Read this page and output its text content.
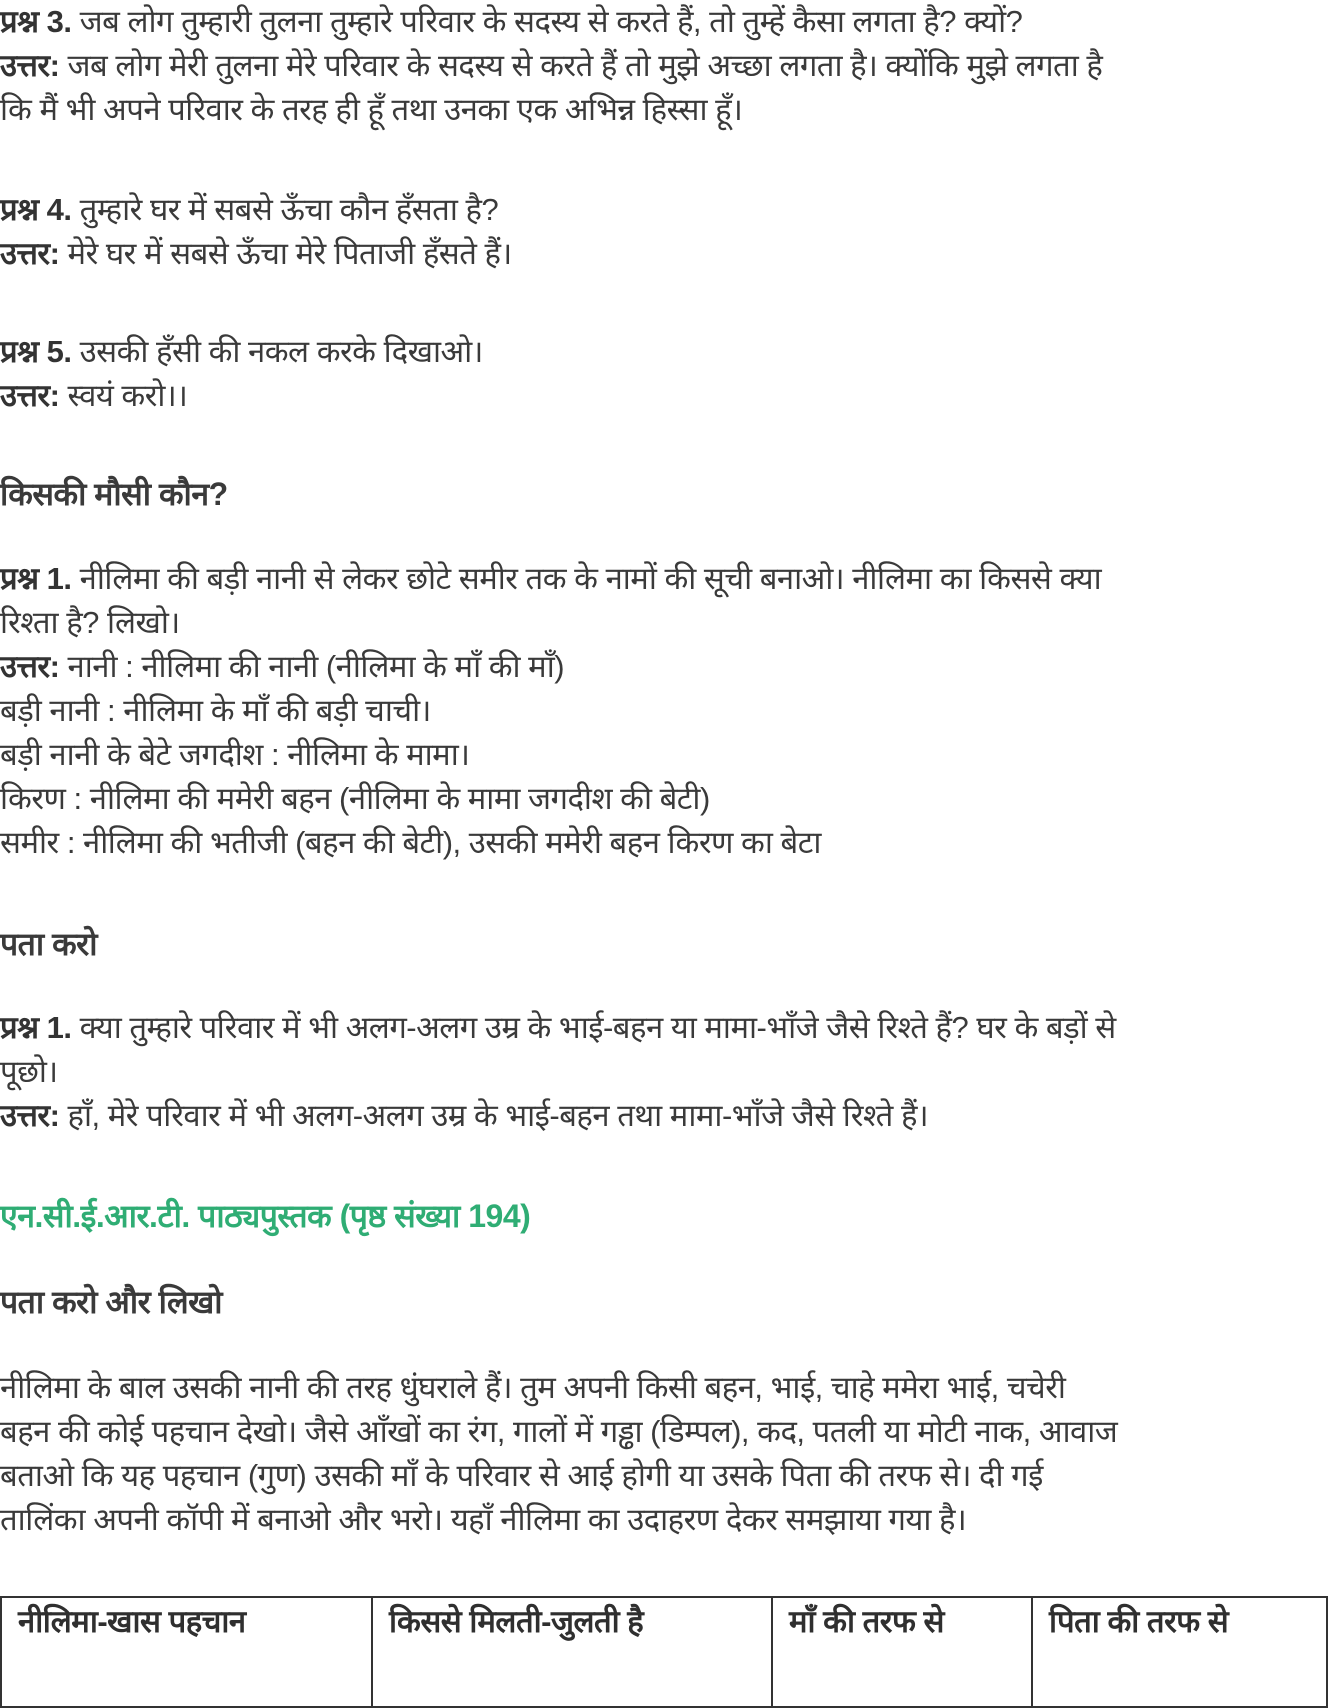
प्रश्न 3. जब लोग तुम्हारी तुलना तुम्हारे परिवार के सदस्य से करते हैं, तो तुम्हें कैसा लगता है? क्यों?
उत्तर: जब लोग मेरी तुलना मेरे परिवार के सदस्य से करते हैं तो मुझे अच्छा लगता है। क्योंकि मुझे लगता है
कि मैं भी अपने परिवार के तरह ही हूँ तथा उनका एक अभिन्न हिस्सा हूँ।
प्रश्न 4. तुम्हारे घर में सबसे ऊँचा कौन हँसता है?
उत्तर: मेरे घर में सबसे ऊँचा मेरे पिताजी हँसते हैं।
प्रश्न 5. उसकी हँसी की नकल करके दिखाओ।
उत्तर: स्वयं करो।।
किसकी मौसी कौन?
प्रश्न 1. नीलिमा की बड़ी नानी से लेकर छोटे समीर तक के नामों की सूची बनाओ। नीलिमा का किससे क्या
रिश्ता है? लिखो।
उत्तर: नानी : नीलिमा की नानी (नीलिमा के माँ की माँ)
बड़ी नानी : नीलिमा के माँ की बड़ी चाची।
बड़ी नानी के बेटे जगदीश : नीलिमा के मामा।
किरण : नीलिमा की ममेरी बहन (नीलिमा के मामा जगदीश की बेटी)
समीर : नीलिमा की भतीजी (बहन की बेटी), उसकी ममेरी बहन किरण का बेटा
पता करो
प्रश्न 1. क्या तुम्हारे परिवार में भी अलग-अलग उम्र के भाई-बहन या मामा-भाँजे जैसे रिश्ते हैं? घर के बड़ों से
पूछो।
उत्तर: हाँ, मेरे परिवार में भी अलग-अलग उम्र के भाई-बहन तथा मामा-भाँजे जैसे रिश्ते हैं।
एन.सी.ई.आर.टी. पाठ्यपुस्तक (पृष्ठ संख्या 194)
पता करो और लिखो
नीलिमा के बाल उसकी नानी की तरह धुंघराले हैं। तुम अपनी किसी बहन, भाई, चाहे ममेरा भाई, चचेरी
बहन की कोई पहचान देखो। जैसे आँखों का रंग, गालों में गड्ढा (डिम्पल), कद, पतली या मोटी नाक, आवाज
बताओ कि यह पहचान (गुण) उसकी माँ के परिवार से आई होगी या उसके पिता की तरफ से। दी गई
तालिंका अपनी कॉपी में बनाओ और भरो। यहाँ नीलिमा का उदाहरण देकर समझाया गया है।
नीलिमा-खास पहचान	किससे मिलती-जुलती है	माँ की तरफ से	पिता की तरफ से
